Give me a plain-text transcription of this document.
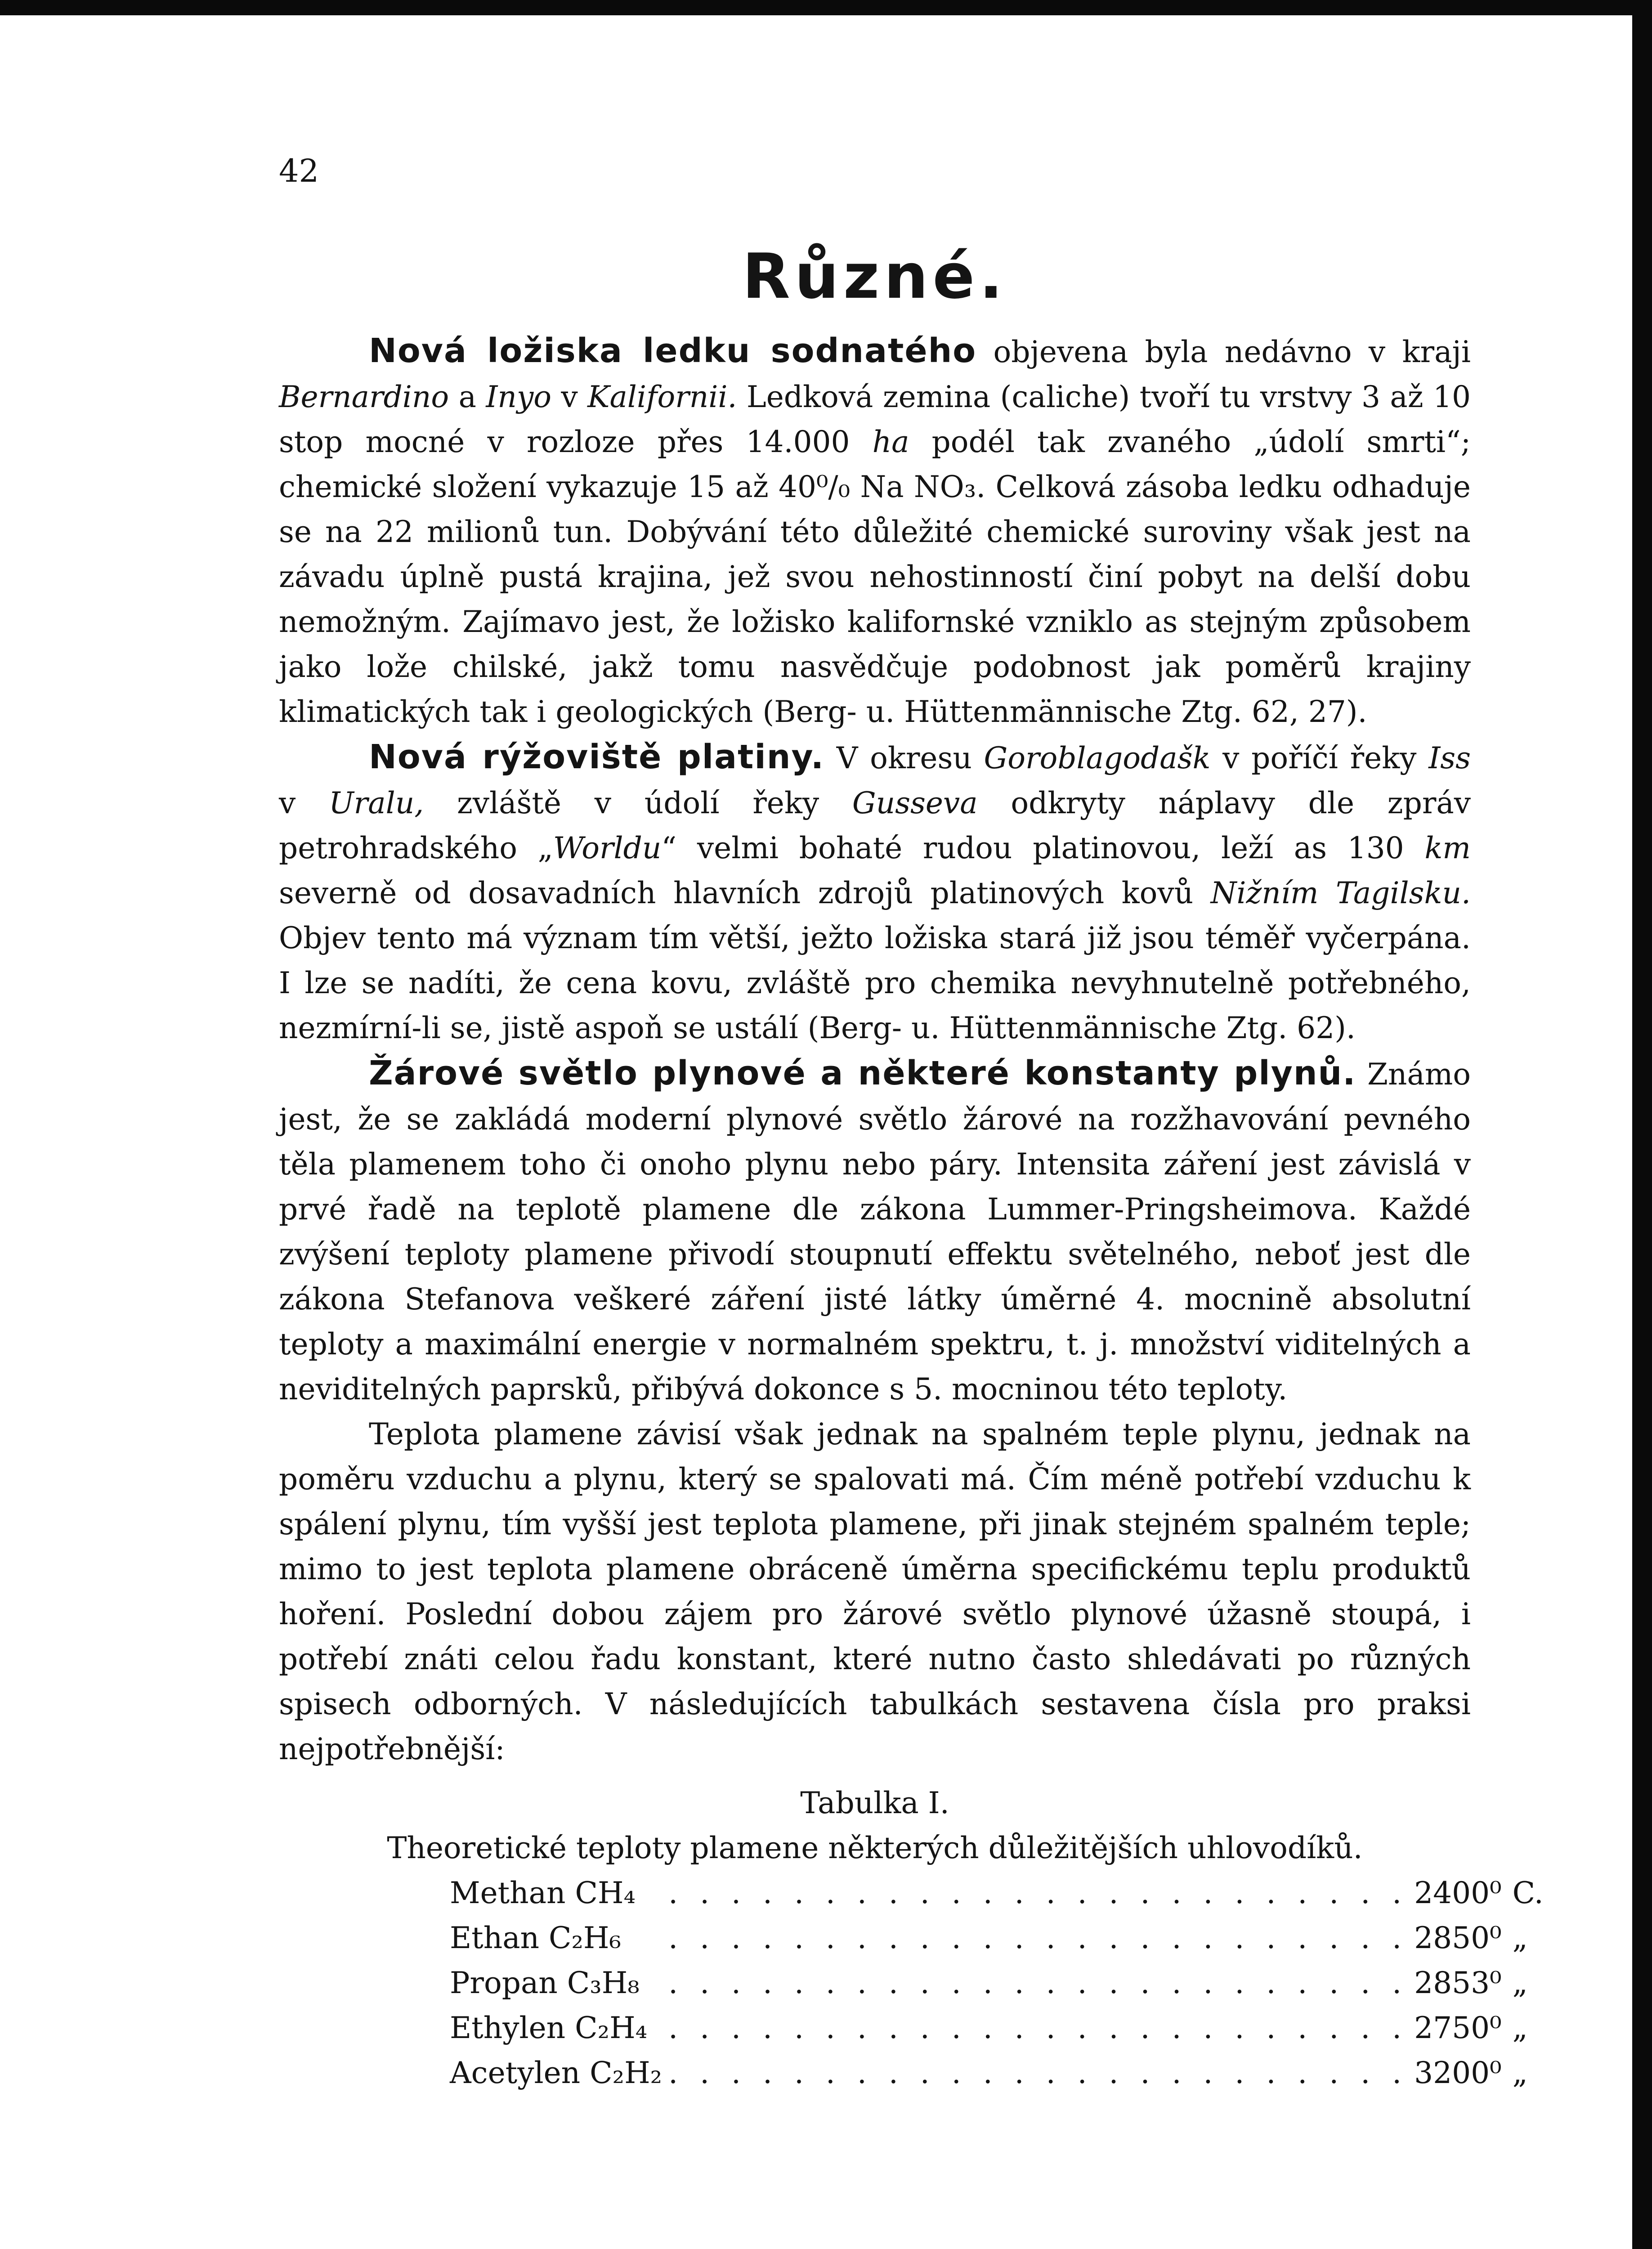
42
Různé.

Nová ložiska ledku sodnatého objevena byla nedávno v kraji Bernardino a Inyo v Kalifornii. Ledková zemina (caliche) tvoří tu vrstvy 3 až 10 stop mocné v rozloze přes 14.000 ha podél tak zvaného „údolí smrti“; chemické složení vykazuje 15 až 40⁰/₀ Na NO₃. Celková zásoba ledku odhaduje se na 22 milionů tun. Dobývání této důležité chemické suroviny však jest na závadu úplně pustá krajina, jež svou nehostinností činí pobyt na delší dobu nemožným. Zajímavo jest, že ložisko kalifornské vzniklo as stejným způsobem jako lože chilské, jakž tomu nasvědčuje podobnost jak poměrů krajiny klimatických tak i geologických (Berg- u. Hüttenmännische Ztg. 62, 27).

Nová rýžoviště platiny. V okresu Goroblagodašk v poříčí řeky Iss v Uralu, zvláště v údolí řeky Gusseva odkryty náplavy dle zpráv petrohradského „Worldu“ velmi bohaté rudou platinovou, leží as 130 km severně od dosavadních hlavních zdrojů platinových kovů Nižním Tagilsku. Objev tento má význam tím větší, ježto ložiska stará již jsou téměř vyčerpána. I lze se nadíti, že cena kovu, zvláště pro chemika nevyhnutelně potřebného, nezmírní-li se, jistě aspoň se ustálí (Berg- u. Hüttenmännische Ztg. 62).

Žárové světlo plynové a některé konstanty plynů. Známo jest, že se zakládá moderní plynové světlo žárové na rozžhavování pevného těla plamenem toho či onoho plynu nebo páry. Intensita záření jest závislá v prvé řadě na teplotě plamene dle zákona Lummer-Pringsheimova. Každé zvýšení teploty plamene přivodí stoupnutí effektu světelného, neboť jest dle zákona Stefanova veškeré záření jisté látky úměrné 4. mocnině absolutní teploty a maximální energie v normalném spektru, t. j. množství viditelných a neviditelných paprsků, přibývá dokonce s 5. mocninou této teploty.

Teplota plamene závisí však jednak na spalném teple plynu, jednak na poměru vzduchu a plynu, který se spalovati má. Čím méně potřebí vzduchu k spálení plynu, tím vyšší jest teplota plamene, při jinak stejném spalném teple; mimo to jest teplota plamene obráceně úměrna specifickému teplu produktů hoření. Poslední dobou zájem pro žárové světlo plynové úžasně stoupá, i potřebí znáti celou řadu konstant, které nutno často shledávati po různých spisech odborných. V následujících tabulkách sestavena čísla pro praksi nejpotřebnější:

Tabulka I.
Theoretické teploty plamene některých důležitějších uhlovodíků.
Methan CH₄	. . . . . . . . . . . . . . . . . . . . . . . .	2400⁰	C.
Ethan C₂H₆	. . . . . . . . . . . . . . . . . . . . . . . .	2850⁰	„
Propan C₃H₈	. . . . . . . . . . . . . . . . . . . . . . . .	2853⁰	„
Ethylen C₂H₄	. . . . . . . . . . . . . . . . . . . . . . . .	2750⁰	„
Acetylen C₂H₂	. . . . . . . . . . . . . . . . . . . . . . . .	3200⁰	„
